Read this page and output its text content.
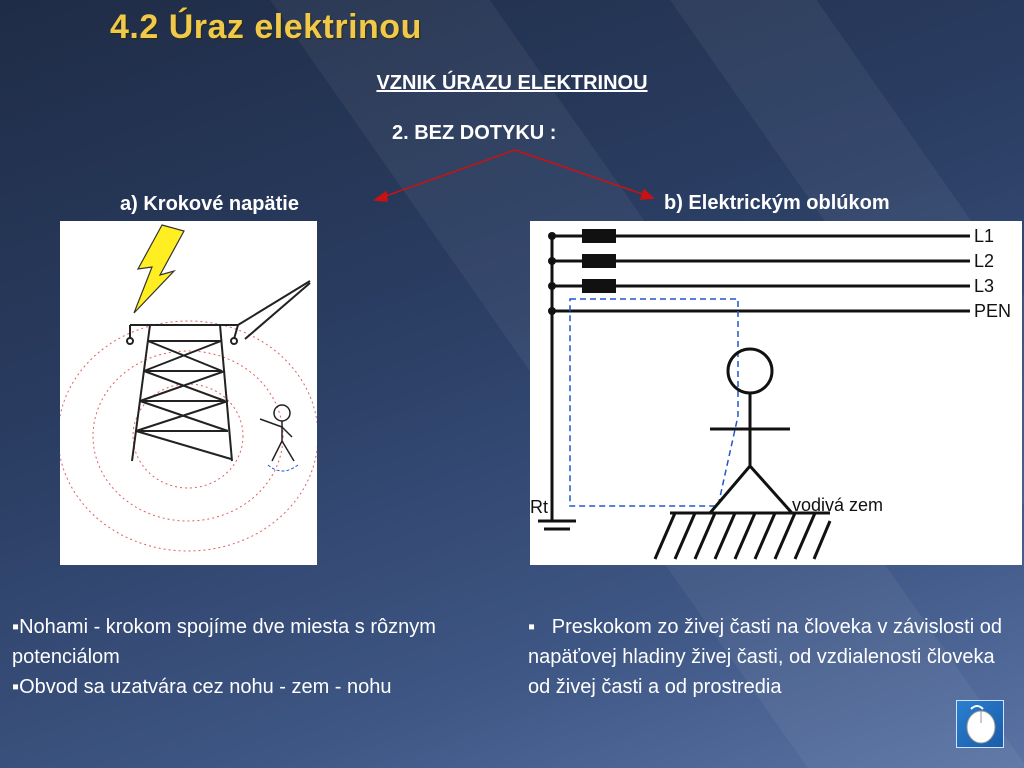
4.2 Úraz elektrinou
VZNIK ÚRAZU ELEKTRINOU
2. BEZ DOTYKU :
a) Krokové napätie	b) Elektrickým oblúkom
L1
L2
L3
PEN
Rt	vodivá zem
▪Nohami - krokom spojíme dve miesta s rôznym potenciálom
▪Obvod sa uzatvára cez nohu - zem - nohu
▪   Preskokom zo živej časti na človeka v závislosti od napäťovej hladiny živej časti, od vzdialenosti človeka od živej časti a od prostredia
